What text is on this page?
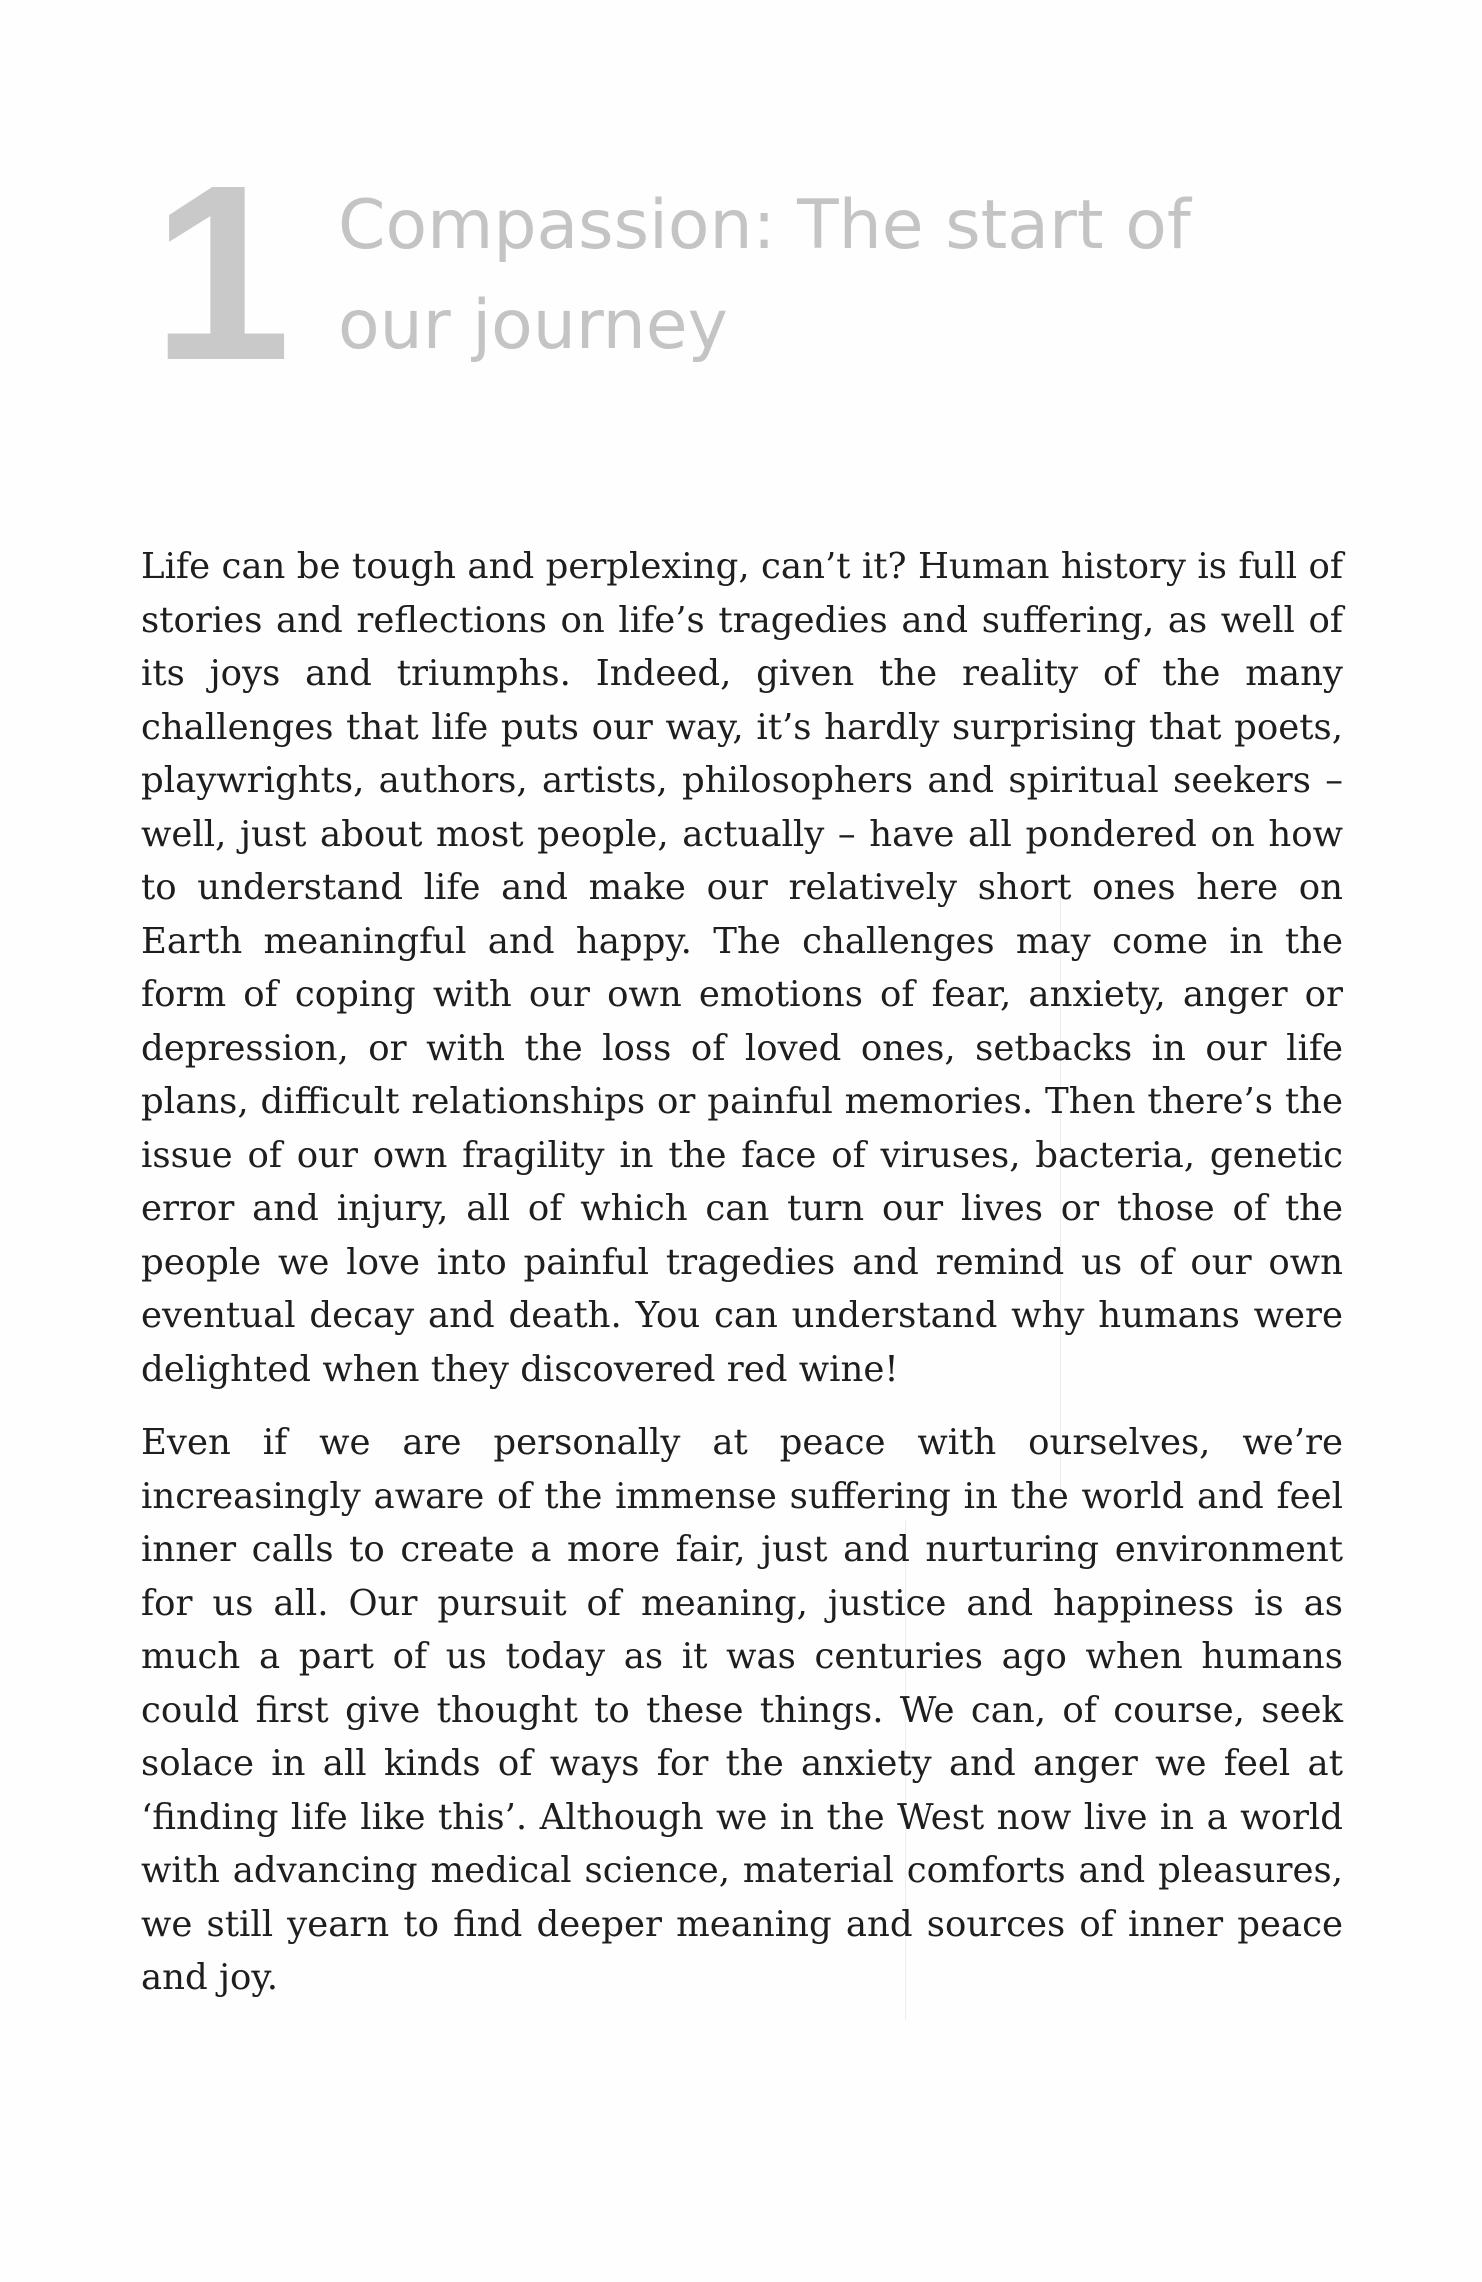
1 Compassion: The start of
our journey

Life can be tough and perplexing, can’t it? Human history is full of stories and reflections on life’s tragedies and suffering, as well of its joys and triumphs. Indeed, given the reality of the many challenges that life puts our way, it’s hardly surprising that poets, playwrights, authors, artists, philosophers and spiritual seekers – well, just about most people, actually – have all pondered on how to understand life and make our relatively short ones here on Earth meaningful and happy. The challenges may come in the form of coping with our own emotions of fear, anxiety, anger or depression, or with the loss of loved ones, setbacks in our life plans, difficult relationships or painful memories. Then there’s the issue of our own fragility in the face of viruses, bacteria, genetic error and injury, all of which can turn our lives or those of the people we love into painful tragedies and remind us of our own eventual decay and death. You can understand why humans were delighted when they discovered red wine!

Even if we are personally at peace with ourselves, we’re increasingly aware of the immense suffering in the world and feel inner calls to create a more fair, just and nurturing environment for us all. Our pursuit of meaning, justice and happiness is as much a part of us today as it was centuries ago when humans could first give thought to these things. We can, of course, seek solace in all kinds of ways for the anxiety and anger we feel at ‘finding life like this’. Although we in the West now live in a world with advancing medical science, material comforts and pleasures, we still yearn to find deeper meaning and sources of inner peace and joy.
